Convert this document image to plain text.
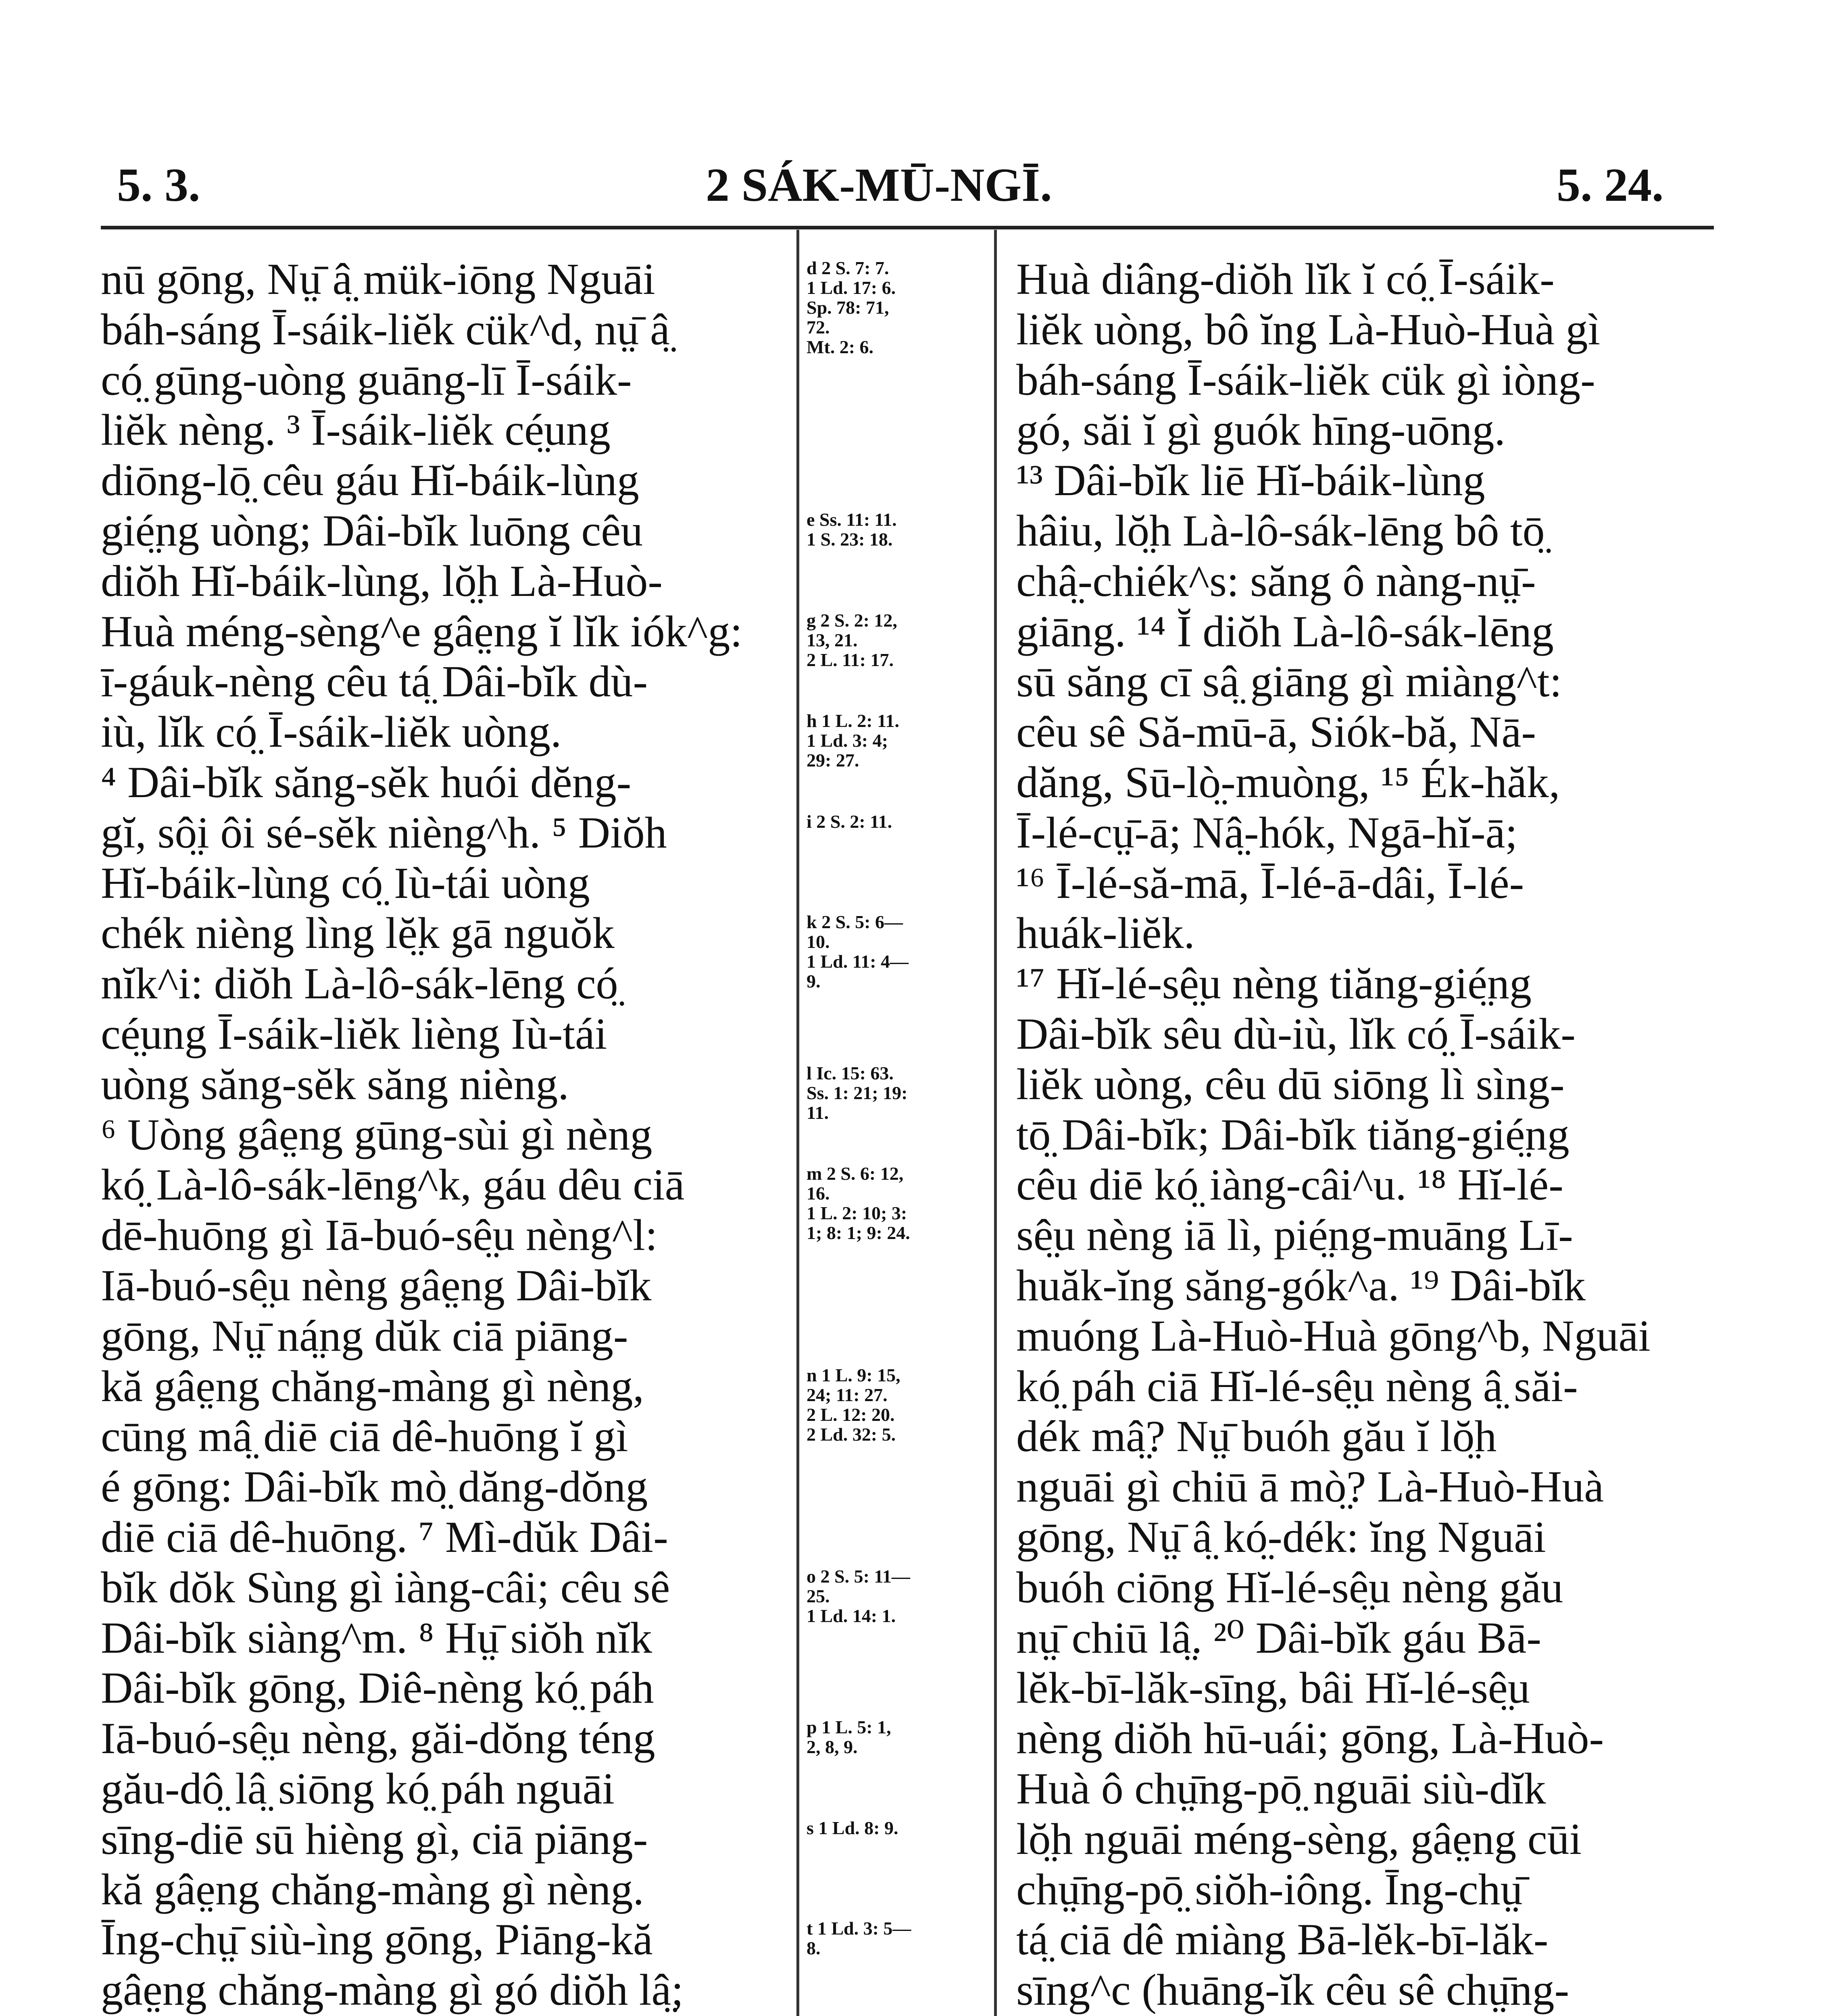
5. 3.	2 SÁK-MŪ-NGĪ.	5. 24.
nū gōng, Nṳ̄ â̤ mük-iōng Nguāi
báh-sáng Ī-sáik-liĕk cük^d, nṳ̄ â̤
có̤ gūng-uòng guāng-lī Ī-sáik-
liĕk nèng. ³ Ī-sáik-liĕk cé̤ung
diōng-lō̤ cêu gáu Hĭ-báik-lùng
gié̤ng uòng; Dâi-bĭk luōng cêu
diŏh Hĭ-báik-lùng, lŏ̤h Là-Huò-
Huà méng-sèng^e gâe̤ng ĭ lĭk iók^g:
ī-gáuk-nèng cêu tá̤ Dâi-bĭk dù-
iù, lĭk có̤ Ī-sáik-liĕk uòng.
⁴ Dâi-bĭk săng-sĕk huói dĕng-
gĭ, sô̤i ôi sé-sĕk nièng^h. ⁵ Diŏh
Hĭ-báik-lùng có̤ Iù-tái uòng
chék nièng lìng lĕ̤k gā nguŏk
nĭk^i: diŏh Là-lô-sák-lēng có̤
cé̤ung Ī-sáik-liĕk lièng Iù-tái
uòng săng-sĕk săng nièng.
⁶ Uòng gâe̤ng gūng-sùi gì nèng
kó̤ Là-lô-sák-lēng^k, gáu dêu ciā
dē-huōng gì Iā-buó-sê̤u nèng^l:
Iā-buó-sê̤u nèng gâe̤ng Dâi-bĭk
gōng, Nṳ̄ ná̤ng dŭk ciā piāng-
kă gâe̤ng chăng-màng gì nèng,
cūng mâ̤ diē ciā dê-huōng ĭ gì
é gōng: Dâi-bĭk mò̤ dăng-dŏng
diē ciā dê-huōng. ⁷ Mì-dŭk Dâi-
bĭk dŏk Sùng gì iàng-câi; cêu sê
Dâi-bĭk siàng^m. ⁸ Hṳ̄ siŏh nĭk
Dâi-bĭk gōng, Diê-nèng kó̤ páh
Iā-buó-sê̤u nèng, găi-dŏng téng
gău-dô̤ lâ̤ siōng kó̤ páh nguāi
sīng-diē sū hièng gì, ciā piāng-
kă gâe̤ng chăng-màng gì nèng.
Īng-chṳ̄ siù-ìng gōng, Piāng-kă
gâe̤ng chăng-màng gì gó diŏh lâ̤;
d 2 S. 7: 7.
1 Ld. 17: 6.
Sp. 78: 71,
72.
Mt. 2: 6.
e Ss. 11: 11.
1 S. 23: 18.
g 2 S. 2: 12,
13, 21.
2 L. 11: 17.
h 1 L. 2: 11.
1 Ld. 3: 4;
29: 27.
i 2 S. 2: 11.
k 2 S. 5: 6—
10.
1 Ld. 11: 4—
9.
l Ic. 15: 63.
Ss. 1: 21; 19:
11.
m 2 S. 6: 12,
16.
1 L. 2: 10; 3:
1; 8: 1; 9: 24.
n 1 L. 9: 15,
24; 11: 27.
2 L. 12: 20.
2 Ld. 32: 5.
o 2 S. 5: 11—
25.
1 Ld. 14: 1.
p 1 L. 5: 1,
2, 8, 9.
s 1 Ld. 8: 9.
t 1 Ld. 3: 5—
8.
Huà diâng-diŏh lĭk ĭ có̤ Ī-sáik-
liĕk uòng, bô ĭng Là-Huò-Huà gì
báh-sáng Ī-sáik-liĕk cük gì iòng-
gó, săi ĭ gì guók hīng-uōng.
¹³ Dâi-bĭk liē Hĭ-báik-lùng
hâiu, lŏ̤h Là-lô-sák-lēng bô tō̤
châ̤-chiék^s: săng ô nàng-nṳ̄-
giāng. ¹⁴ Ĭ diŏh Là-lô-sák-lēng
sū săng cī sâ̤ giāng gì miàng^t:
cêu sê Să-mū-ā, Siók-bă, Nā-
dăng, Sū-lò̤-muòng, ¹⁵ Ék-hăk,
Ī-lé-cṳ̄-ā; Nâ̤-hók, Ngā-hĭ-ā;
¹⁶ Ī-lé-să-mā, Ī-lé-ā-dâi, Ī-lé-
huák-liĕk.
¹⁷ Hĭ-lé-sê̤u nèng tiăng-gié̤ng
Dâi-bĭk sêu dù-iù, lĭk có̤ Ī-sáik-
liĕk uòng, cêu dū siōng lì sìng-
tō̤ Dâi-bĭk; Dâi-bĭk tiăng-gié̤ng
cêu diē kó̤ iàng-câi^u. ¹⁸ Hĭ-lé-
sê̤u nèng iā lì, pié̤ng-muāng Lī-
huăk-ĭng săng-gók^a. ¹⁹ Dâi-bĭk
muóng Là-Huò-Huà gōng^b, Nguāi
kó̤ páh ciā Hĭ-lé-sê̤u nèng â̤ săi-
dék mâ̤? Nṳ̄ buóh gău ĭ lŏ̤h
nguāi gì chiū ā mò̤? Là-Huò-Huà
gōng, Nṳ̄ â̤ kó̤-dék: ĭng Nguāi
buóh ciōng Hĭ-lé-sê̤u nèng gău
nṳ̄ chiū lâ̤. ²⁰ Dâi-bĭk gáu Bā-
lĕk-bī-lăk-sīng, bâi Hĭ-lé-sê̤u
nèng diŏh hū-uái; gōng, Là-Huò-
Huà ô chṳ̄ng-pō̤ nguāi siù-dĭk
lŏ̤h nguāi méng-sèng, gâe̤ng cūi
chṳ̄ng-pō̤ siŏh-iông. Īng-chṳ̄
tá̤ ciā dê miàng Bā-lĕk-bī-lăk-
sīng^c (huāng-ĭk cêu sê chṳ̄ng-
